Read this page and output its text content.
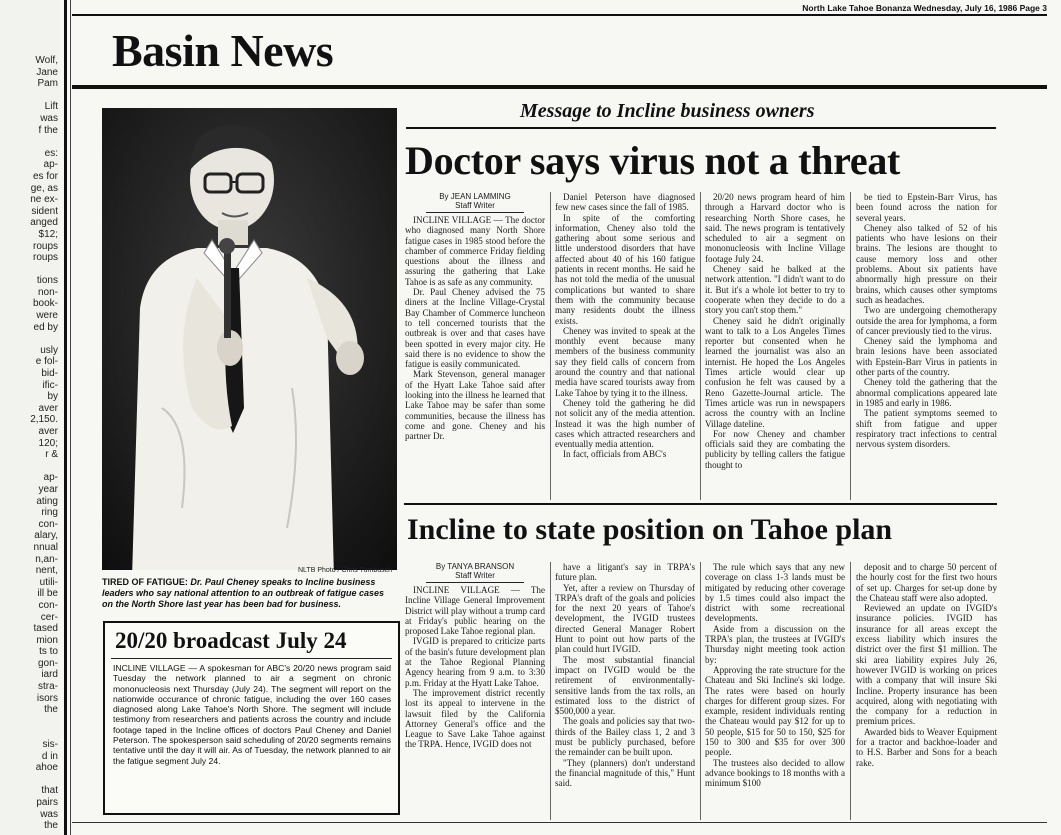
Wolf,
Jane
Pam

Lift
was
f the

es:
ap-
es for
ge, as
ne ex-
sident
anged
$12;
roups
roups

tions
non-
book-
were
ed by

usly
e fol-
bid-
ific-
by
aver
2,150.
aver
120;
r &

ap-
year
ating
ring
con-
alary,
nnual
n,an-
nent,
utili-
ill be
con-
cer-
tased
mion
ts to
gon-
iard
stra-
isors
the

sis-
d in
ahoe

that
pairs
was
the
North Lake Tahoe Bonanza Wednesday, July 16, 1986 Page 3
Basin News
NLTB Photo / Chris Tumbusch
TIRED OF FATIGUE: Dr. Paul Cheney speaks to Incline business leaders who say national attention to an outbreak of fatigue cases on the North Shore last year has been bad for business.
20/20 broadcast July 24
INCLINE VILLAGE — A spokesman for ABC's 20/20 news program said Tuesday the network planned to air a segment on chronic mononucleosis next Thursday (July 24). The segment will report on the nationwide occurance of chronic fatigue, including the over 160 cases diagnosed along Lake Tahoe's North Shore. The segment will include testimony from researchers and patients across the country and include footage taped in the Incline offices of doctors Paul Cheney and Daniel Peterson. The spokesperson said scheduling of 20/20 segments remains tentative until the day it will air. As of Tuesday, the network planned to air the fatigue segment July 24.
Message to Incline business owners
Doctor says virus not a threat
By JEAN LAMMING
Staff Writer

INCLINE VILLAGE — The doctor who diagnosed many North Shore fatigue cases in 1985 stood before the chamber of commerce Friday fielding questions about the illness and assuring the gathering that Lake Tahoe is as safe as any community.

Dr. Paul Cheney advised the 75 diners at the Incline Village-Crystal Bay Chamber of Commerce luncheon to tell concerned tourists that the outbreak is over and that cases have been spotted in every major city. He said there is no evidence to show the fatigue is easily communicated.

Mark Stevenson, general manager of the Hyatt Lake Tahoe said after looking into the illness he learned that Lake Tahoe may be safer than some communities, because the illness has come and gone. Cheney and his partner Dr.

Daniel Peterson have diagnosed few new cases since the fall of 1985.

In spite of the comforting information, Cheney also told the gathering about some serious and little understood disorders that have affected about 40 of his 160 fatigue patients in recent months. He said he has not told the media of the unusual complications but wanted to share them with the community because many residents doubt the illness exists.

Cheney was invited to speak at the monthly event because many members of the business community say they field calls of concern from around the country and that national media have scared tourists away from Lake Tahoe by tying it to the illness.

Cheney told the gathering he did not solicit any of the media attention. Instead it was the high number of cases which attracted researchers and eventually media attention.

In fact, officials from ABC's

20/20 news program heard of him through a Harvard doctor who is researching North Shore cases, he said. The news program is tentatively scheduled to air a segment on mononucleosis with Incline Village footage July 24.

Cheney said he balked at the network attention. "I didn't want to do it. But it's a whole lot better to try to cooperate when they decide to do a story you can't stop them."

Cheney said he didn't originally want to talk to a Los Angeles Times reporter but consented when he learned the journalist was also an internist. He hoped the Los Angeles Times article would clear up confusion he felt was caused by a Reno Gazette-Journal article. The Times article was run in newspapers across the country with an Incline Village dateline.

For now Cheney and chamber officials said they are combating the publicity by telling callers the fatigue thought to

be tied to Epstein-Barr Virus, has been found across the nation for several years.

Cheney also talked of 52 of his patients who have lesions on their brains. The lesions are thought to cause memory loss and other problems. About six patients have abnormally high pressure on their brains, which causes other symptoms such as headaches.

Two are undergoing chemotherapy outside the area for lymphoma, a form of cancer previously tied to the virus.

Cheney said the lymphoma and brain lesions have been associated with Epstein-Barr Virus in patients in other parts of the country.

Cheney told the gathering that the abnormal complications appeared late in 1985 and early in 1986.

The patient symptoms seemed to shift from fatigue and upper respiratory tract infections to central nervous system disorders.

Incline to state position on Tahoe plan
By TANYA BRANSON
Staff Writer

INCLINE VILLAGE — The Incline Village General Improvement District will play without a trump card at Friday's public hearing on the proposed Lake Tahoe regional plan.

IVGID is prepared to criticize parts of the basin's future development plan at the Tahoe Regional Planning Agency hearing from 9 a.m. to 3:30 p.m. Friday at the Hyatt Lake Tahoe.

The improvement district recently lost its appeal to intervene in the lawsuit filed by the California Attorney General's office and the League to Save Lake Tahoe against the TRPA. Hence, IVGID does not

have a litigant's say in TRPA's future plan.

Yet, after a review on Thursday of TRPA's draft of the goals and policies for the next 20 years of Tahoe's development, the IVGID trustees directed General Manager Robert Hunt to point out how parts of the plan could hurt IVGID.

The most substantial financial impact on IVGID would be the retirement of environmentally-sensitive lands from the tax rolls, an estimated loss to the district of $500,000 a year.

The goals and policies say that two-thirds of the Bailey class 1, 2 and 3 must be publicly purchased, before the remainder can be built upon.

"They (planners) don't understand the financial magnitude of this," Hunt said.

The rule which says that any new coverage on class 1-3 lands must be mitigated by reducing other coverage by 1.5 times could also impact the district with some recreational developments.

Aside from a discussion on the TRPA's plan, the trustees at IVGID's Thursday night meeting took action by:

Approving the rate structure for the Chateau and Ski Incline's ski lodge. The rates were based on hourly charges for different group sizes. For example, resident individuals renting the Chateau would pay $12 for up to 50 people, $15 for 50 to 150, $25 for 150 to 300 and $35 for over 300 people.

The trustees also decided to allow advance bookings to 18 months with a minimum $100

deposit and to charge 50 percent of the hourly cost for the first two hours of set up. Charges for set-up done by the Chateau staff were also adopted.

Reviewed an update on IVGID's insurance policies. IVGID has insurance for all areas except the excess liability which insures the district over the first $1 million. The ski area liability expires July 26, however IVGID is working on prices with a company that will insure Ski Incline. Property insurance has been acquired, along with negotiating with the company for a reduction in premium prices.

Awarded bids to Weaver Equipment for a tractor and backhoe-loader and to H.S. Barber and Sons for a beach rake.
